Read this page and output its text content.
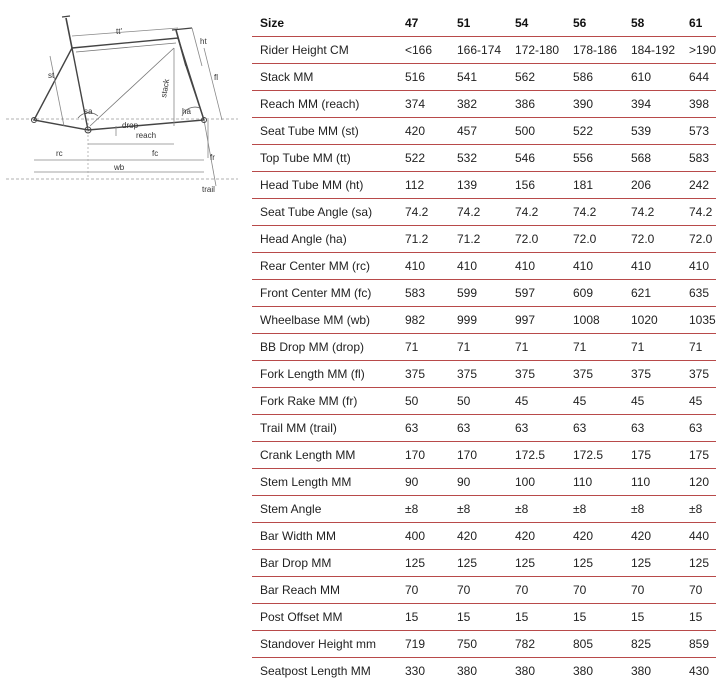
tt'
ht
st	fl
stack
sa	ha
drop
reach
rc	fc
wb
fr
trail
Size	47	51	54	56	58	61
Rider Height CM	<166	166-174	172-180	178-186	184-192	>190
Stack MM	516	541	562	586	610	644
Reach MM (reach)	374	382	386	390	394	398
Seat Tube MM (st)	420	457	500	522	539	573
Top Tube MM (tt)	522	532	546	556	568	583
Head Tube MM (ht)	112	139	156	181	206	242
Seat Tube Angle (sa)	74.2	74.2	74.2	74.2	74.2	74.2
Head Angle (ha)	71.2	71.2	72.0	72.0	72.0	72.0
Rear Center MM (rc)	410	410	410	410	410	410
Front Center MM (fc)	583	599	597	609	621	635
Wheelbase MM (wb)	982	999	997	1008	1020	1035
BB Drop MM (drop)	71	71	71	71	71	71
Fork Length MM (fl)	375	375	375	375	375	375
Fork Rake MM (fr)	50	50	45	45	45	45
Trail MM (trail)	63	63	63	63	63	63
Crank Length MM	170	170	172.5	172.5	175	175
Stem Length MM	90	90	100	110	110	120
Stem Angle	±8	±8	±8	±8	±8	±8
Bar Width MM	400	420	420	420	420	440
Bar Drop MM	125	125	125	125	125	125
Bar Reach MM	70	70	70	70	70	70
Post Offset MM	15	15	15	15	15	15
Standover Height mm	719	750	782	805	825	859
Seatpost Length MM	330	380	380	380	380	430
